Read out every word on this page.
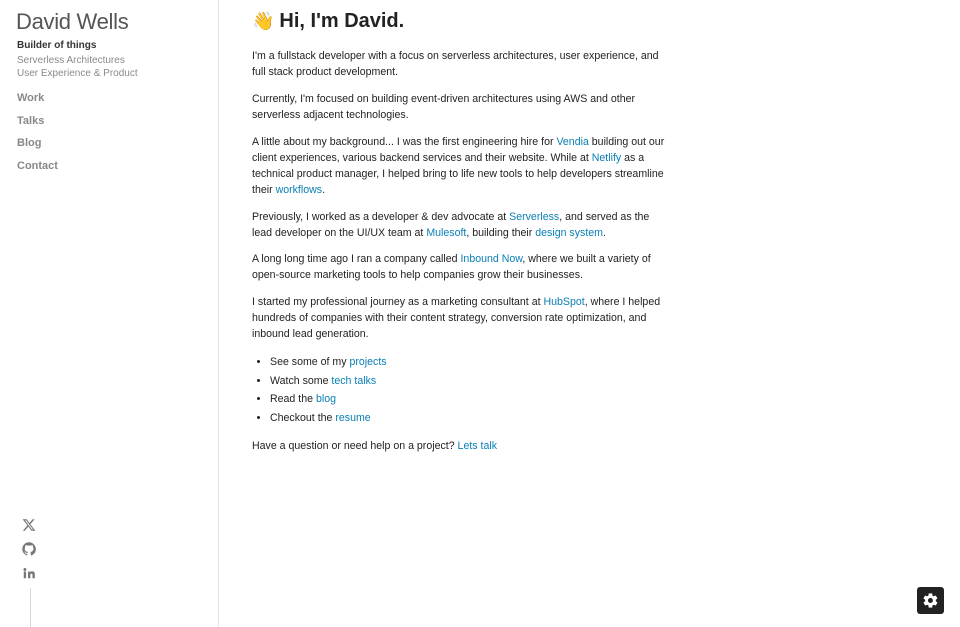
David Wells
Builder of things
Serverless Architectures
User Experience & Product
Work
Talks
Blog
Contact
👋 Hi, I'm David.

I'm a fullstack developer with a focus on serverless architectures, user experience, and full stack product development.

Currently, I'm focused on building event-driven architectures using AWS and other serverless adjacent technologies.

A little about my background... I was the first engineering hire for Vendia building out our client experiences, various backend services and their website. While at Netlify as a technical product manager, I helped bring to life new tools to help developers streamline their workflows.

Previously, I worked as a developer & dev advocate at Serverless, and served as the lead developer on the UI/UX team at Mulesoft, building their design system.

A long long time ago I ran a company called Inbound Now, where we built a variety of open-source marketing tools to help companies grow their businesses.

I started my professional journey as a marketing consultant at HubSpot, where I helped hundreds of companies with their content strategy, conversion rate optimization, and inbound lead generation.

• See some of my projects
• Watch some tech talks
• Read the blog
• Checkout the resume

Have a question or need help on a project? Lets talk
